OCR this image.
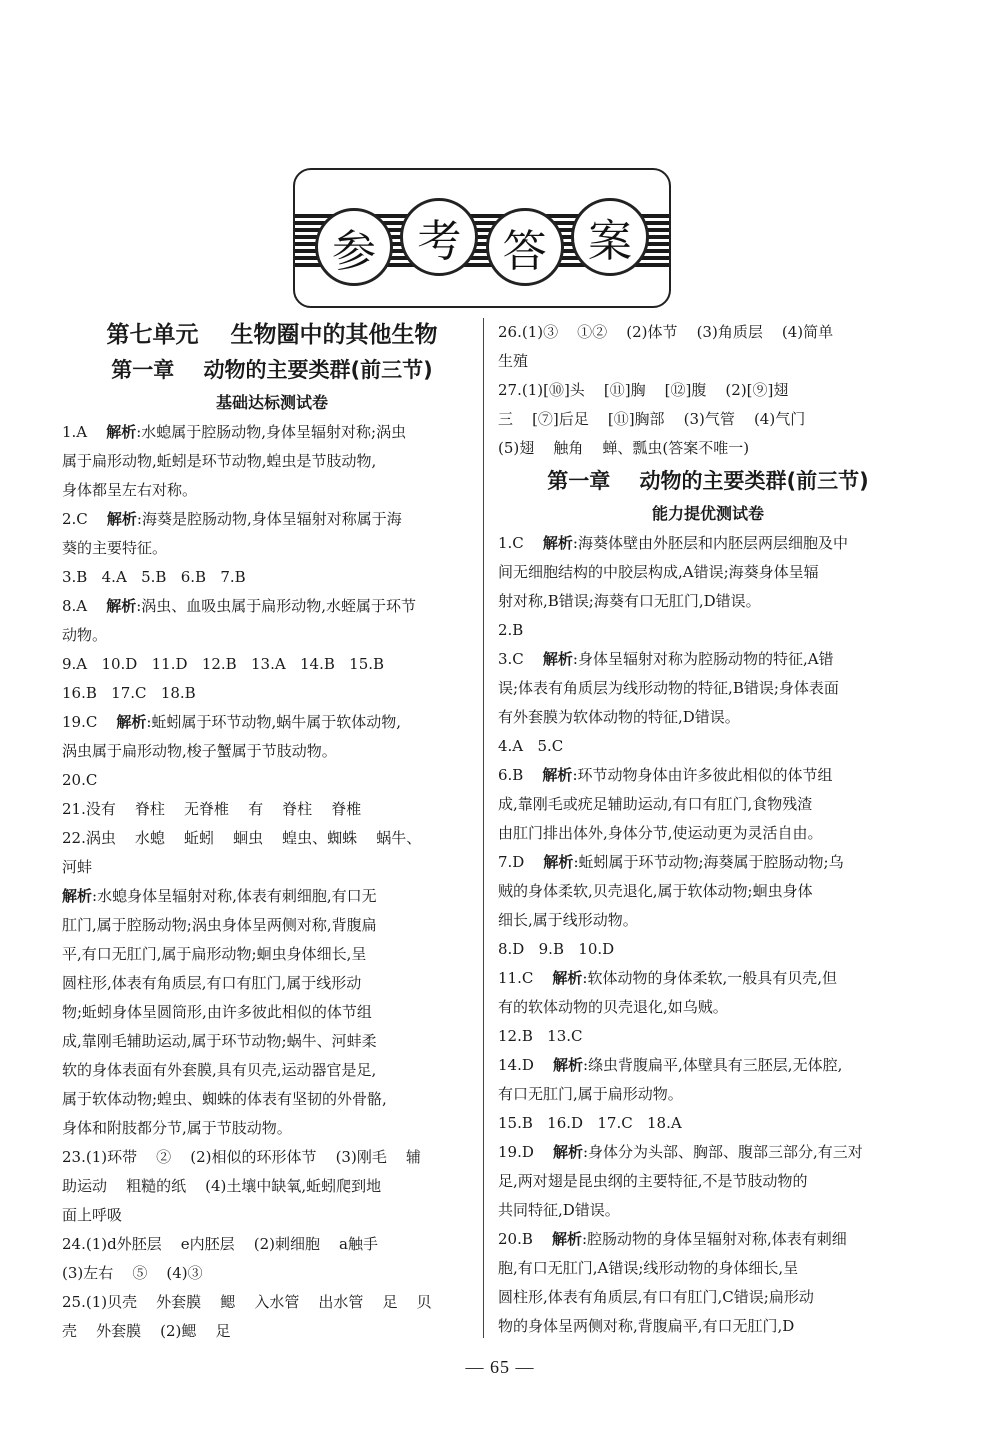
参 考 答 案
第七单元    生物圈中的其他生物
第一章    动物的主要类群(前三节)
基础达标测试卷
1.A    解析:水螅属于腔肠动物,身体呈辐射对称;涡虫
属于扁形动物,蚯蚓是环节动物,蝗虫是节肢动物,
身体都呈左右对称。
2.C    解析:海葵是腔肠动物,身体呈辐射对称属于海
葵的主要特征。
3.B   4.A   5.B   6.B   7.B
8.A    解析:涡虫、血吸虫属于扁形动物,水蛭属于环节
动物。
9.A   10.D   11.D   12.B   13.A   14.B   15.B
16.B   17.C   18.B
19.C    解析:蚯蚓属于环节动物,蜗牛属于软体动物,
涡虫属于扁形动物,梭子蟹属于节肢动物。
20.C
21.没有    脊柱    无脊椎    有    脊柱    脊椎
22.涡虫    水螅    蚯蚓    蛔虫    蝗虫、蜘蛛    蜗牛、
河蚌
解析:水螅身体呈辐射对称,体表有刺细胞,有口无
肛门,属于腔肠动物;涡虫身体呈两侧对称,背腹扁
平,有口无肛门,属于扁形动物;蛔虫身体细长,呈
圆柱形,体表有角质层,有口有肛门,属于线形动
物;蚯蚓身体呈圆筒形,由许多彼此相似的体节组
成,靠刚毛辅助运动,属于环节动物;蜗牛、河蚌柔
软的身体表面有外套膜,具有贝壳,运动器官是足,
属于软体动物;蝗虫、蜘蛛的体表有坚韧的外骨骼,
身体和附肢都分节,属于节肢动物。
23.(1)环带    ②    (2)相似的环形体节    (3)刚毛    辅
助运动    粗糙的纸    (4)土壤中缺氧,蚯蚓爬到地
面上呼吸
24.(1)d外胚层    e内胚层    (2)刺细胞    a触手
(3)左右    ⑤    (4)③
25.(1)贝壳    外套膜    鳃    入水管    出水管    足    贝
壳    外套膜    (2)鳃    足
26.(1)③    ①②    (2)体节    (3)角质层    (4)简单
生殖
27.(1)[⑩]头    [⑪]胸    [⑫]腹    (2)[⑨]翅
三    [⑦]后足    [⑪]胸部    (3)气管    (4)气门
(5)翅    触角    蝉、瓢虫(答案不唯一)
第一章    动物的主要类群(前三节)
能力提优测试卷
1.C    解析:海葵体壁由外胚层和内胚层两层细胞及中
间无细胞结构的中胶层构成,A错误;海葵身体呈辐
射对称,B错误;海葵有口无肛门,D错误。
2.B
3.C    解析:身体呈辐射对称为腔肠动物的特征,A错
误;体表有角质层为线形动物的特征,B错误;身体表面
有外套膜为软体动物的特征,D错误。
4.A   5.C
6.B    解析:环节动物身体由许多彼此相似的体节组
成,靠刚毛或疣足辅助运动,有口有肛门,食物残渣
由肛门排出体外,身体分节,使运动更为灵活自由。
7.D    解析:蚯蚓属于环节动物;海葵属于腔肠动物;乌
贼的身体柔软,贝壳退化,属于软体动物;蛔虫身体
细长,属于线形动物。
8.D   9.B   10.D
11.C    解析:软体动物的身体柔软,一般具有贝壳,但
有的软体动物的贝壳退化,如乌贼。
12.B   13.C
14.D    解析:绦虫背腹扁平,体壁具有三胚层,无体腔,
有口无肛门,属于扁形动物。
15.B   16.D   17.C   18.A
19.D    解析:身体分为头部、胸部、腹部三部分,有三对
足,两对翅是昆虫纲的主要特征,不是节肢动物的
共同特征,D错误。
20.B    解析:腔肠动物的身体呈辐射对称,体表有刺细
胞,有口无肛门,A错误;线形动物的身体细长,呈
圆柱形,体表有角质层,有口有肛门,C错误;扁形动
物的身体呈两侧对称,背腹扁平,有口无肛门,D
— 65 —
